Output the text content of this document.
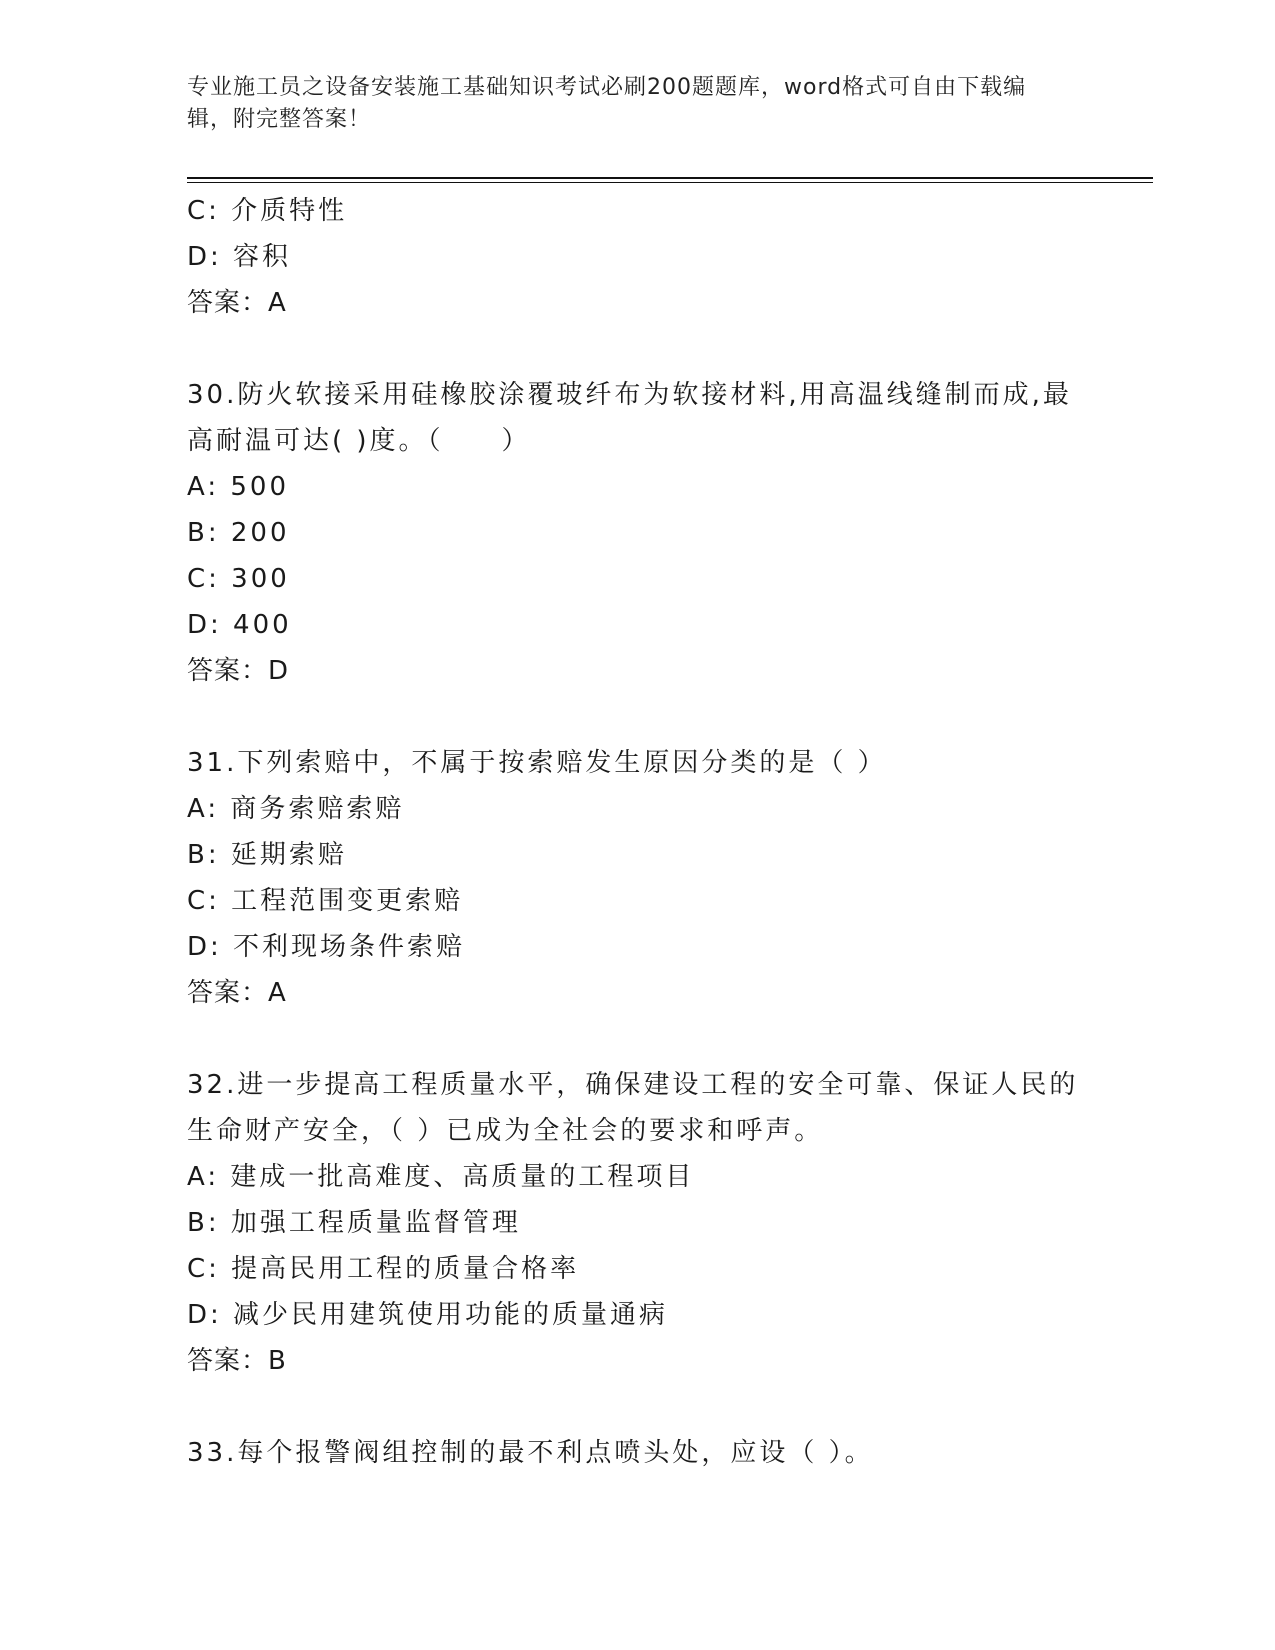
专业施工员之设备安装施工基础知识考试必刷200题题库，word格式可自由下载编辑，附完整答案！

C: 介质特性

D: 容积

答案：A

30.防火软接采用硅橡胶涂覆玻纤布为软接材料,用高温线缝制而成,最高耐温可达( )度。（　　）

A: 500

B: 200

C: 300

D: 400

答案：D

31.下列索赔中，不属于按索赔发生原因分类的是（ ）

A: 商务索赔索赔

B: 延期索赔

C: 工程范围变更索赔

D: 不利现场条件索赔

答案：A

32.进一步提高工程质量水平，确保建设工程的安全可靠、保证人民的生命财产安全，（ ）已成为全社会的要求和呼声。

A: 建成一批高难度、高质量的工程项目

B: 加强工程质量监督管理

C: 提高民用工程的质量合格率

D: 减少民用建筑使用功能的质量通病

答案：B

33.每个报警阀组控制的最不利点喷头处，应设（ ）。
